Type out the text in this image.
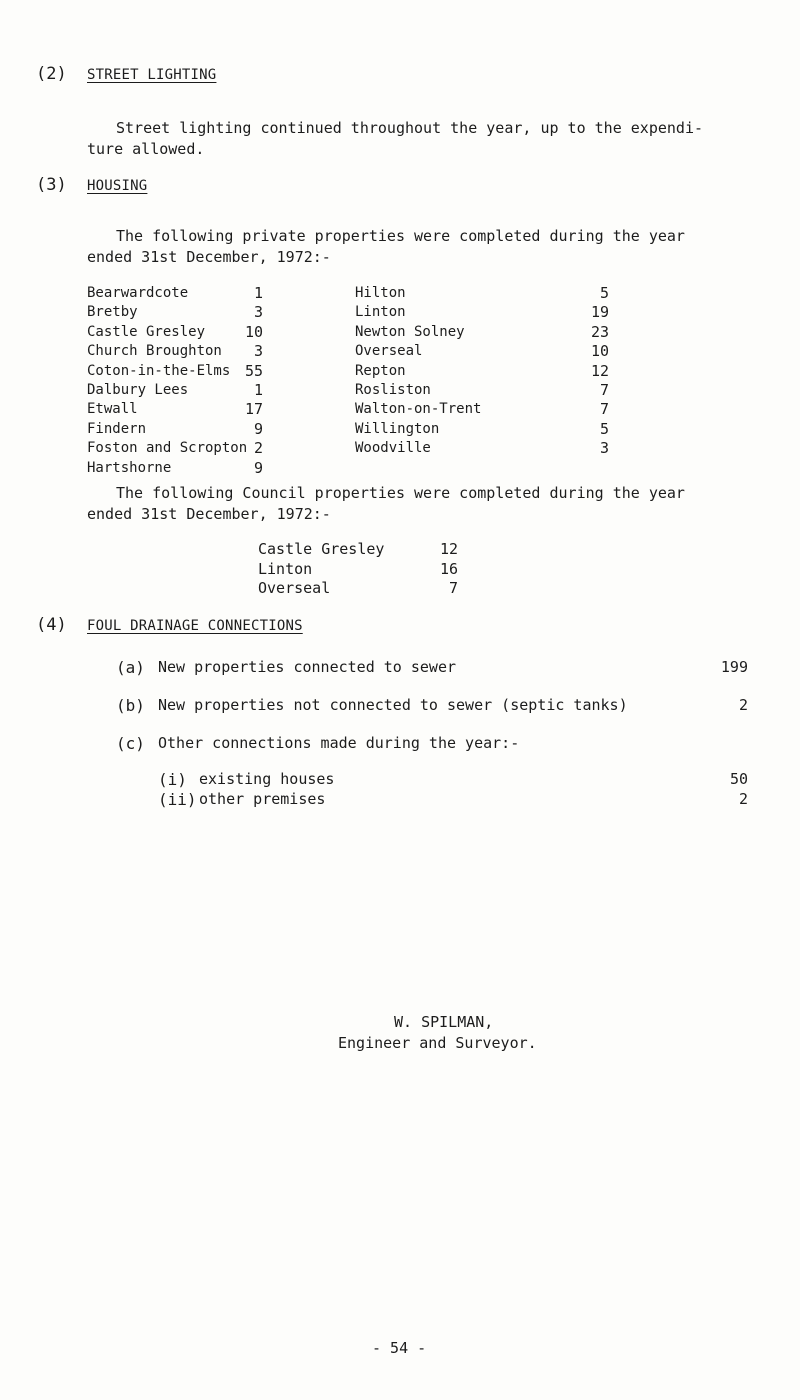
(2) STREET LIGHTING
Street lighting continued throughout the year, up to the expendi-
ture allowed.
(3) HOUSING
The following private properties were completed during the year
ended 31st December, 1972:-
Bearwardcote	1
Bretby	3
Castle Gresley	10
Church Broughton	3
Coton-in-the-Elms 55
Dalbury Lees	1
Etwall	17
Findern	9
Foston and Scropton 2
Hartshorne	9
Hilton	5
Linton	19
Newton Solney	23
Overseal	10
Repton	12
Rosliston	7
Walton-on-Trent	7
Willington	5
Woodville	3
The following Council properties were completed during the year
ended 31st December, 1972:-
Castle Gresley	12
Linton	16
Overseal	7
(4) FOUL DRAINAGE CONNECTIONS
(a) New properties connected to sewer	199
(b) New properties not connected to sewer (septic tanks)	2
(c) Other connections made during the year:-
(i) existing houses	50
(ii) other premises	2
W. SPILMAN,
Engineer and Surveyor.
- 54 -
